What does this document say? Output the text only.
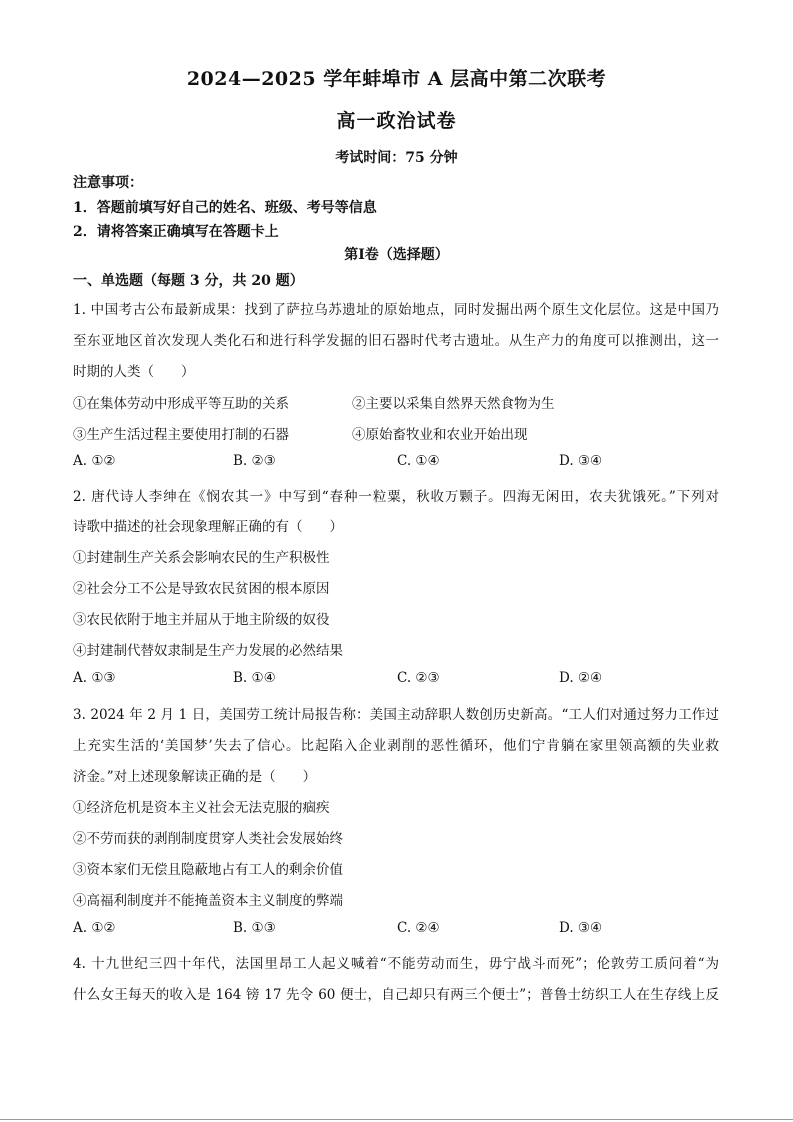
2024—2025 学年蚌埠市 A 层高中第二次联考
高一政治试卷
考试时间：75 分钟
注意事项：
1．答题前填写好自己的姓名、班级、考号等信息
2．请将答案正确填写在答题卡上
第Ⅰ卷（选择题）
一、单选题（每题 3 分，共 20 题）
1. 中国考古公布最新成果：找到了萨拉乌苏遗址的原始地点，同时发掘出两个原生文化层位。这是中国乃
至东亚地区首次发现人类化石和进行科学发掘的旧石器时代考古遗址。从生产力的角度可以推测出，这一
时期的人类（　　）
①在集体劳动中形成平等互助的关系	②主要以采集自然界天然食物为生
③生产生活过程主要使用打制的石器	④原始畜牧业和农业开始出现
A. ①②	B. ②③	C. ①④	D. ③④
2. 唐代诗人李绅在《悯农其一》中写到“春种一粒粟，秋收万颗子。四海无闲田，农夫犹饿死。”下列对
诗歌中描述的社会现象理解正确的有（　　）
①封建制生产关系会影响农民的生产积极性
②社会分工不公是导致农民贫困的根本原因
③农民依附于地主并屈从于地主阶级的奴役
④封建制代替奴隶制是生产力发展的必然结果
A. ①③	B. ①④	C. ②③	D. ②④
3. 2024 年 2 月 1 日，美国劳工统计局报告称：美国主动辞职人数创历史新高。“工人们对通过努力工作过
上充实生活的‘美国梦’失去了信心。比起陷入企业剥削的恶性循环，他们宁肯躺在家里领高额的失业救
济金。”对上述现象解读正确的是（　　）
①经济危机是资本主义社会无法克服的痼疾
②不劳而获的剥削制度贯穿人类社会发展始终
③资本家们无偿且隐蔽地占有工人的剩余价值
④高福利制度并不能掩盖资本主义制度的弊端
A. ①②	B. ①③	C. ②④	D. ③④
4. 十九世纪三四十年代，法国里昂工人起义喊着“不能劳动而生，毋宁战斗而死”；伦敦劳工质问着“为
什么女王每天的收入是 164 镑 17 先令 60 便士，自己却只有两三个便士”；普鲁士纺织工人在生存线上反
